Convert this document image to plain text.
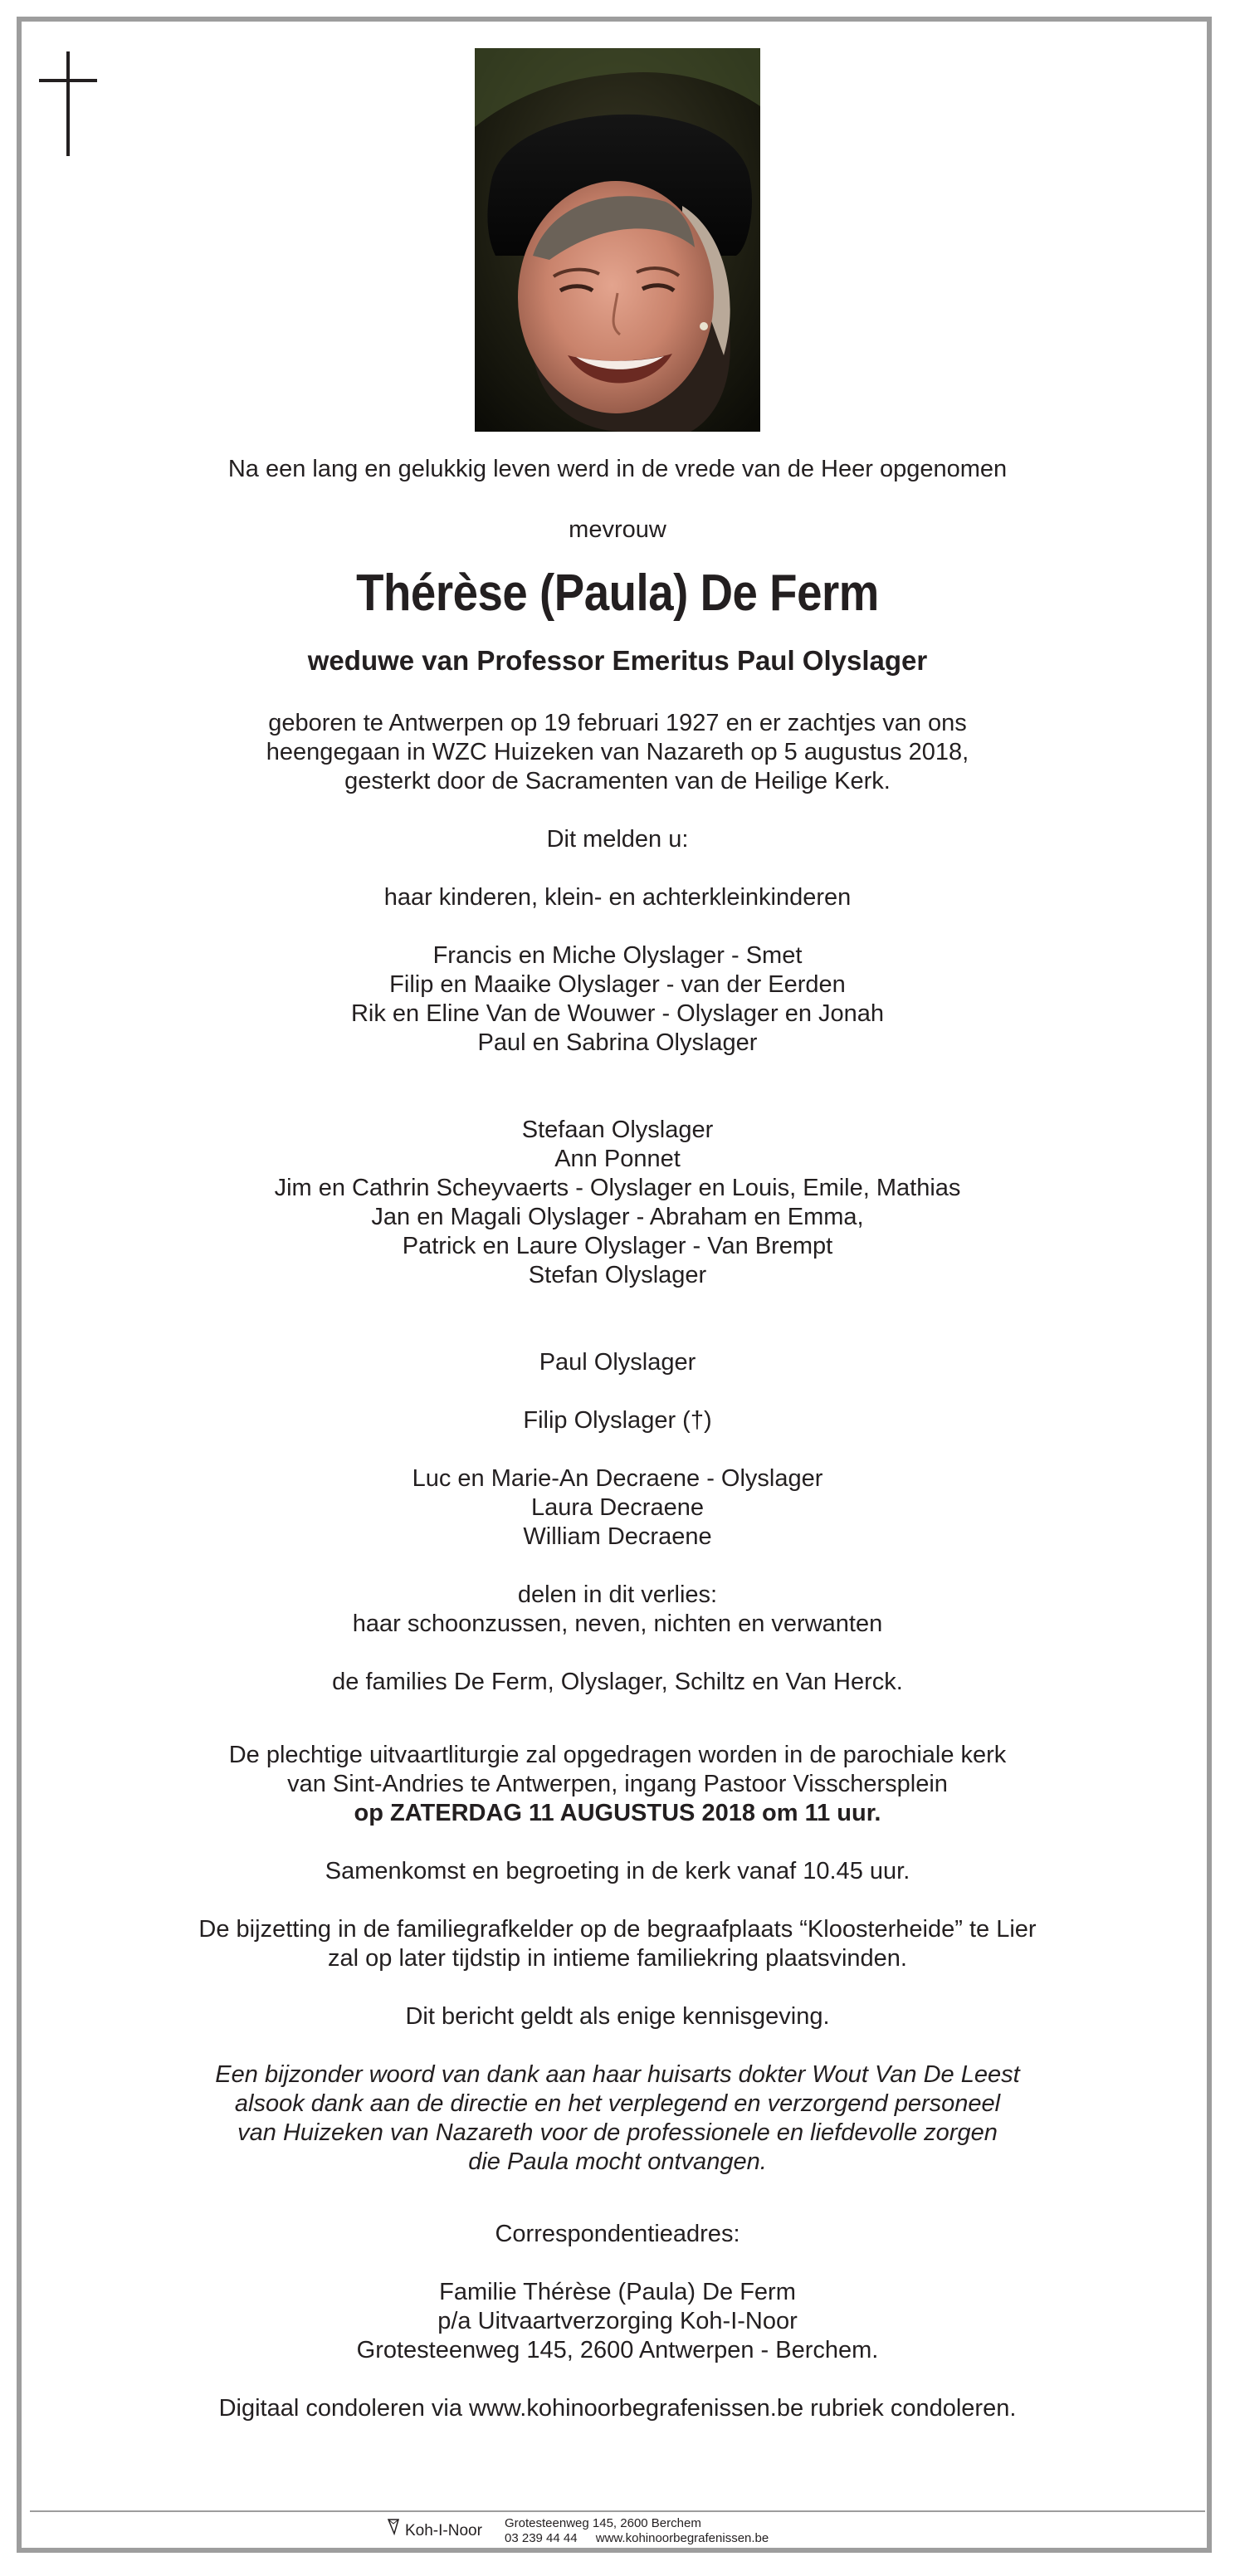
Na een lang en gelukkig leven werd in de vrede van de Heer opgenomen
mevrouw
Thérèse (Paula) De Ferm
weduwe van Professor Emeritus Paul Olyslager
geboren te Antwerpen op 19 februari 1927 en er zachtjes van ons
heengegaan in WZC Huizeken van Nazareth op 5 augustus 2018,
gesterkt door de Sacramenten van de Heilige Kerk.
Dit melden u:
haar kinderen, klein- en achterkleinkinderen
Francis en Miche Olyslager - Smet
Filip en Maaike Olyslager - van der Eerden
Rik en Eline Van de Wouwer - Olyslager en Jonah
Paul en Sabrina Olyslager
Stefaan Olyslager
Ann Ponnet
Jim en Cathrin Scheyvaerts - Olyslager en Louis, Emile, Mathias
Jan en Magali Olyslager - Abraham en Emma,
Patrick en Laure Olyslager - Van Brempt
Stefan Olyslager
Paul Olyslager
Filip Olyslager (†)
Luc en Marie-An Decraene - Olyslager
Laura Decraene
William Decraene
delen in dit verlies:
haar schoonzussen, neven, nichten en verwanten
de families De Ferm, Olyslager, Schiltz en Van Herck.
De plechtige uitvaartliturgie zal opgedragen worden in de parochiale kerk
van Sint-Andries te Antwerpen, ingang Pastoor Visschersplein
op ZATERDAG 11 AUGUSTUS 2018 om 11 uur.
Samenkomst en begroeting in de kerk vanaf 10.45 uur.
De bijzetting in de familiegrafkelder op de begraafplaats “Kloosterheide” te Lier
zal op later tijdstip in intieme familiekring plaatsvinden.
Dit bericht geldt als enige kennisgeving.
Een bijzonder woord van dank aan haar huisarts dokter Wout Van De Leest
alsook dank aan de directie en het verplegend en verzorgend personeel
van Huizeken van Nazareth voor de professionele en liefdevolle zorgen
die Paula mocht ontvangen.
Correspondentieadres:
Familie Thérèse (Paula) De Ferm
p/a Uitvaartverzorging Koh-I-Noor
Grotesteenweg 145, 2600 Antwerpen - Berchem.
Digitaal condoleren via www.kohinoorbegrafenissen.be rubriek condoleren.
Koh-I-Noor Grotesteenweg 145, 2600 Berchem
03 239 44 44 www.kohinoorbegrafenissen.be
